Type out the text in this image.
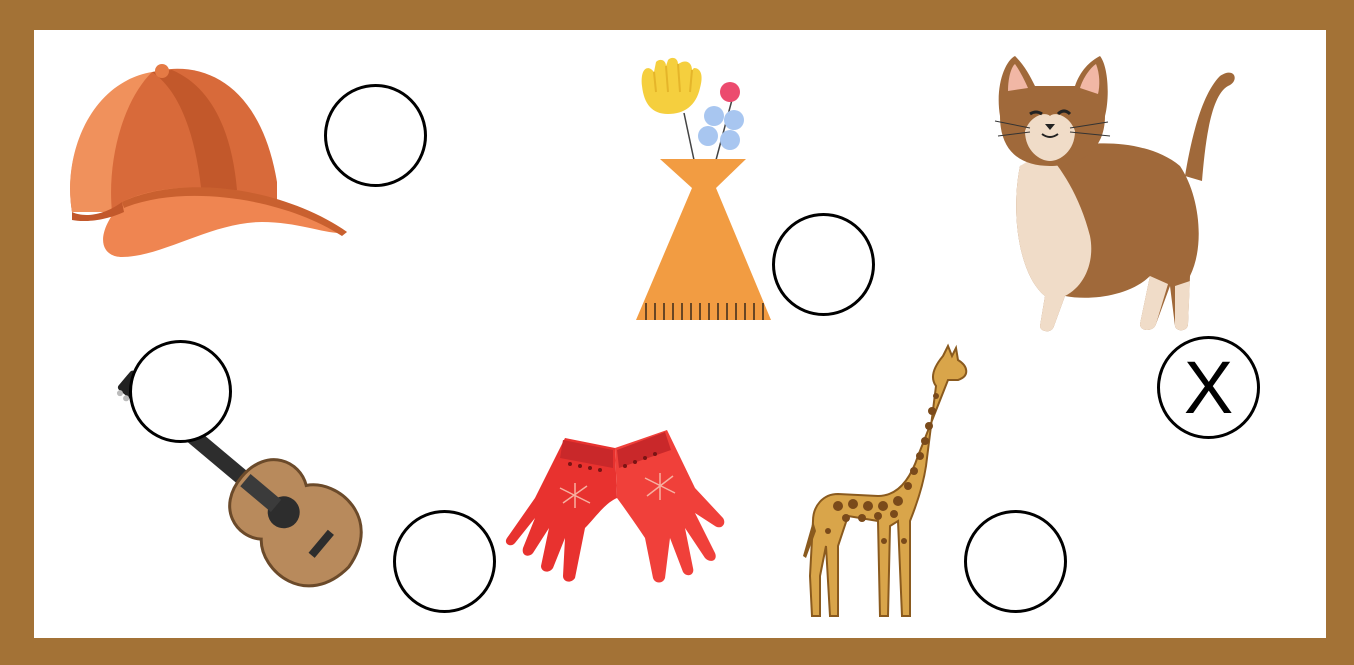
X
